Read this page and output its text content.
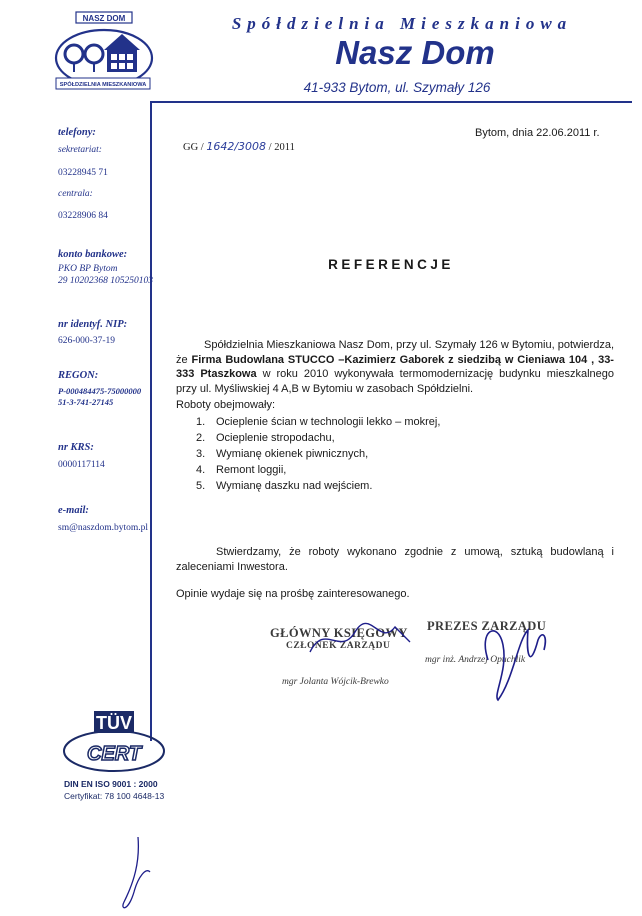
NASZ DOM
SPÓŁDZIELNIA MIESZKANIOWA
Spółdzielnia Mieszkaniowa
Nasz Dom
41-933 Bytom, ul. Szymały 126
telefony:
sekretariat:
03228945 71
centrala:
03228906 84
konto bankowe:
PKO BP Bytom
29 10202368 105250103
nr identyf. NIP:
626-000-37-19
REGON:
P-000484475-75000000
51-3-741-27145
nr KRS:
0000117114
e-mail:
sm@naszdom.bytom.pl
GG / 1642/3008 / 2011
Bytom, dnia 22.06.2011 r.
REFERENCJE
Spółdzielnia Mieszkaniowa Nasz Dom, przy ul. Szymały 126 w Bytomiu, potwierdza, że Firma Budowlana STUCCO –Kazimierz Gaborek z siedzibą w Cieniawa 104 , 33-333 Ptaszkowa w roku 2010 wykonywała termomodernizację budynku mieszkalnego przy ul. Myśliwskiej 4 A,B w Bytomiu w zasobach Spółdzielni.
Roboty obejmowały:
1. Ocieplenie ścian w technologii lekko – mokrej,
2. Ocieplenie stropodachu,
3. Wymianę okienek piwnicznych,
4. Remont loggii,
5. Wymianę daszku nad wejściem.
Stwierdzamy, że roboty wykonano zgodnie z umową, sztuką budowlaną i zaleceniami Inwestora.
Opinie wydaje się na prośbę zainteresowanego.
GŁÓWNY KSIĘGOWY
CZŁONEK ZARZĄDU
mgr Jolanta Wójcik-Brewko
PREZES ZARZĄDU
mgr inż. Andrzej Opuchlik
TÜV
CERT
DIN EN ISO 9001 : 2000
Certyfikat: 78 100 4648-13
